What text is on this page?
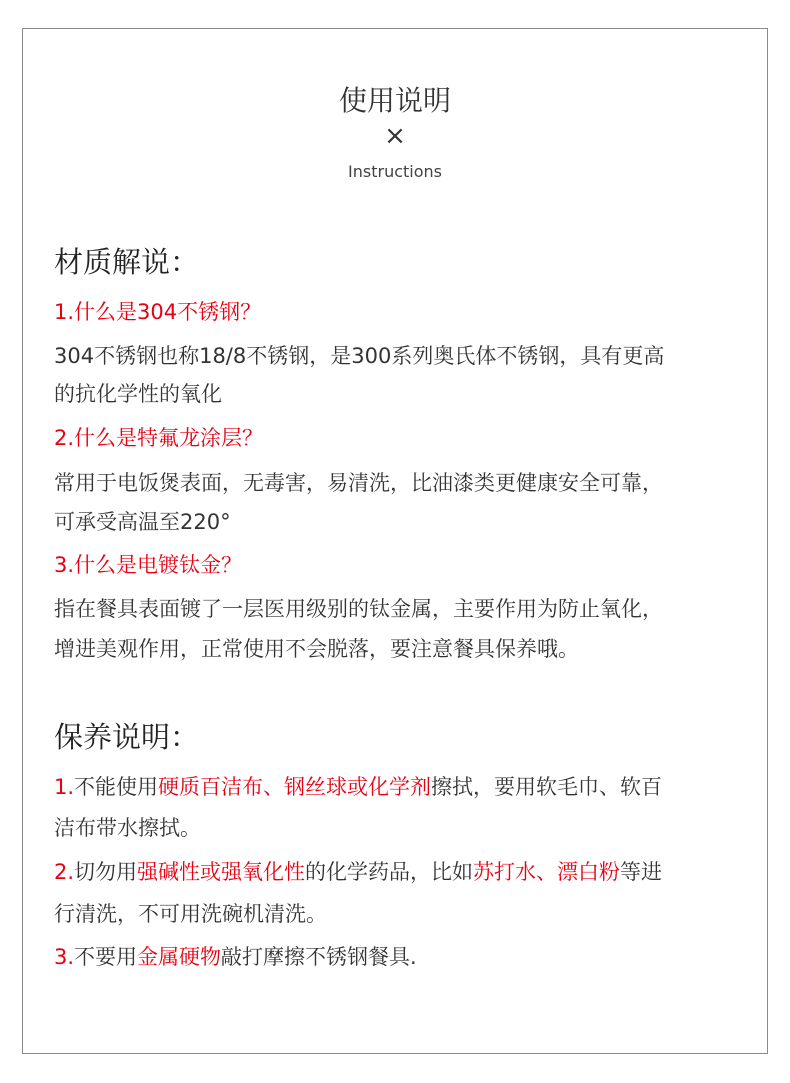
使用说明
×
Instructions
材质解说：
1.什么是304不锈钢？
304不锈钢也称18/8不锈钢，是300系列奥氏体不锈钢，具有更高
的抗化学性的氧化
2.什么是特氟龙涂层？
常用于电饭煲表面，无毒害，易清洗，比油漆类更健康安全可靠，
可承受高温至220°
3.什么是电镀钛金？
指在餐具表面镀了一层医用级别的钛金属，主要作用为防止氧化，
增进美观作用，正常使用不会脱落，要注意餐具保养哦。
保养说明：
1.不能使用硬质百洁布、钢丝球或化学剂擦拭，要用软毛巾、软百
洁布带水擦拭。
2.切勿用强碱性或强氧化性的化学药品，比如苏打水、漂白粉等进
行清洗，不可用洗碗机清洗。
3.不要用金属硬物敲打摩擦不锈钢餐具.
